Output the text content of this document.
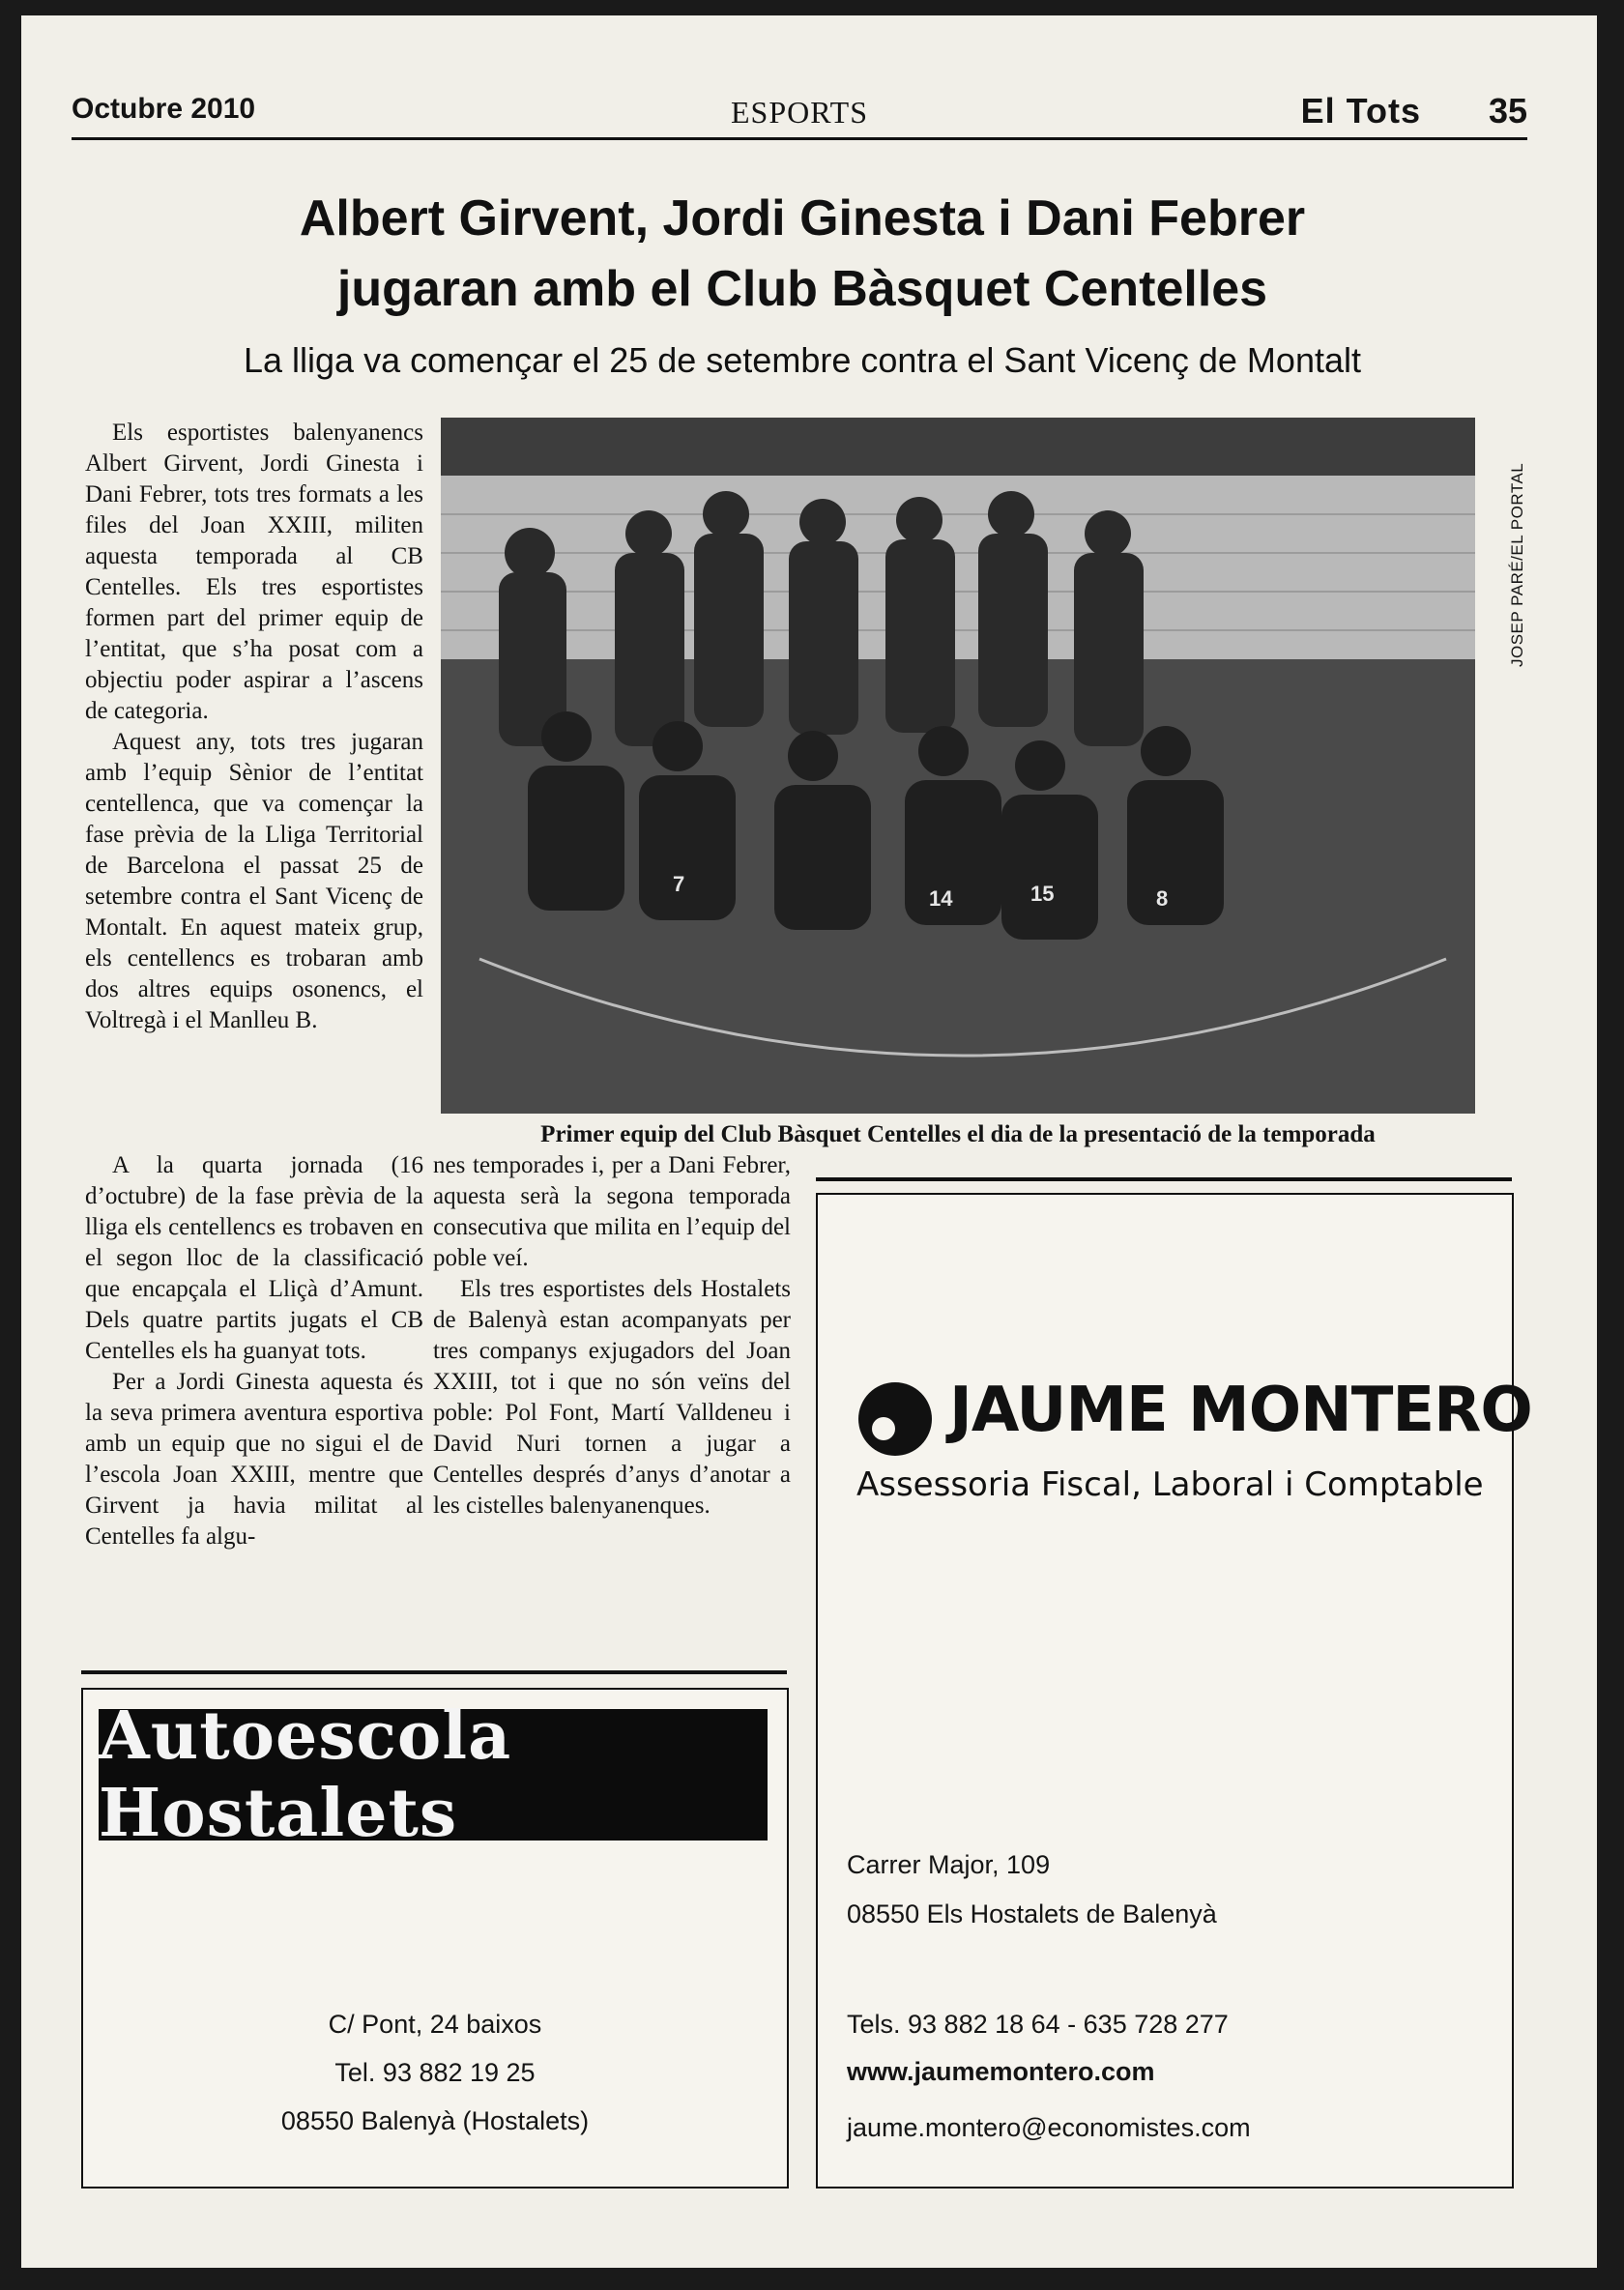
Octubre 2010	ESPORTS	El Tots 35
Albert Girvent, Jordi Ginesta i Dani Febrer
jugaran amb el Club Bàsquet Centelles
La lliga va començar el 25 de setembre contra el Sant Vicenç de Montalt

Els esportistes balenyanencs Albert Girvent, Jordi Ginesta i Dani Febrer, tots tres formats a les files del Joan XXIII, militen aquesta temporada al CB Centelles. Els tres esportistes formen part del primer equip de l’entitat, que s’ha posat com a objectiu poder aspirar a l’ascens de categoria.

Aquest any, tots tres jugaran amb l’equip Sènior de l’entitat centellenca, que va començar la fase prèvia de la Lliga Territorial de Barcelona el passat 25 de setembre contra el Sant Vicenç de Montalt. En aquest mateix grup, els centellencs es trobaran amb dos altres equips osonencs, el Voltregà i el Manlleu B.

7
14	15	8
JOSEP PARÉ/EL PORTAL
Primer equip del Club Bàsquet Centelles el dia de la presentació de la temporada

A la quarta jornada (16 d’octubre) de la fase prèvia de la lliga els centellencs es trobaven en el segon lloc de la classificació que encapçala el Lliçà d’Amunt. Dels quatre partits jugats el CB Centelles els ha guanyat tots.

Per a Jordi Ginesta aquesta és la seva primera aventura esportiva amb un equip que no sigui el de l’escola Joan XXIII, mentre que Girvent ja havia militat al Centelles fa algu-

nes temporades i, per a Dani Febrer, aquesta serà la segona temporada consecutiva que milita en l’equip del poble veí.

Els tres esportistes dels Hostalets de Balenyà estan acompanyats per tres companys exjugadors del Joan XXIII, tot i que no són veïns del poble: Pol Font, Martí Valldeneu i David Nuri tornen a jugar a Centelles després d’anys d’anotar a les cistelles balenyanenques.

Autoescola Hostalets
C/ Pont, 24 baixos
Tel. 93 882 19 25
08550 Balenyà (Hostalets)
JAUME MONTERO
Assessoria Fiscal, Laboral i Comptable
Carrer Major, 109
08550 Els Hostalets de Balenyà
Tels. 93 882 18 64 - 635 728 277
www.jaumemontero.com
jaume.montero@economistes.com
